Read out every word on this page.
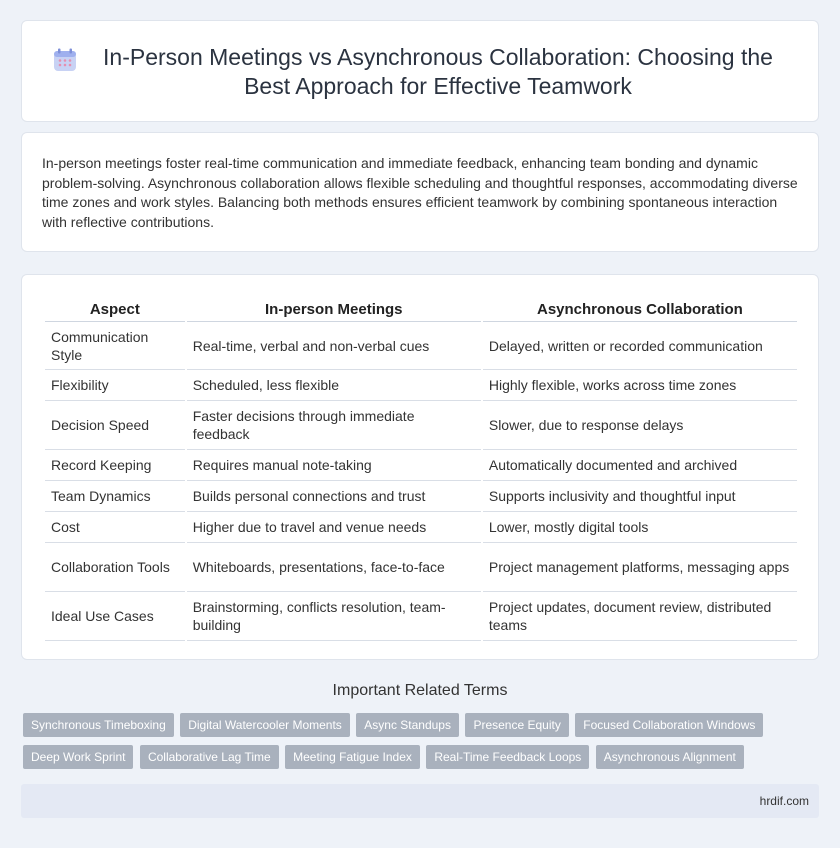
In-Person Meetings vs Asynchronous Collaboration: Choosing the Best Approach for Effective Teamwork
In-person meetings foster real-time communication and immediate feedback, enhancing team bonding and dynamic problem-solving. Asynchronous collaboration allows flexible scheduling and thoughtful responses, accommodating diverse time zones and work styles. Balancing both methods ensures efficient teamwork by combining spontaneous interaction with reflective contributions.
Aspect	In-person Meetings	Asynchronous Collaboration
Communication Style	Real-time, verbal and non-verbal cues	Delayed, written or recorded communication
Flexibility	Scheduled, less flexible	Highly flexible, works across time zones
Decision Speed	Faster decisions through immediate feedback	Slower, due to response delays
Record Keeping	Requires manual note-taking	Automatically documented and archived
Team Dynamics	Builds personal connections and trust	Supports inclusivity and thoughtful input
Cost	Higher due to travel and venue needs	Lower, mostly digital tools
Collaboration Tools	Whiteboards, presentations, face-to-face	Project management platforms, messaging apps
Ideal Use Cases	Brainstorming, conflicts resolution, team-building	Project updates, document review, distributed teams
Important Related Terms
Synchronous Timeboxing Digital Watercooler Moments Async Standups Presence Equity Focused Collaboration Windows Deep Work Sprint Collaborative Lag Time Meeting Fatigue Index Real-Time Feedback Loops Asynchronous Alignment
hrdif.com
